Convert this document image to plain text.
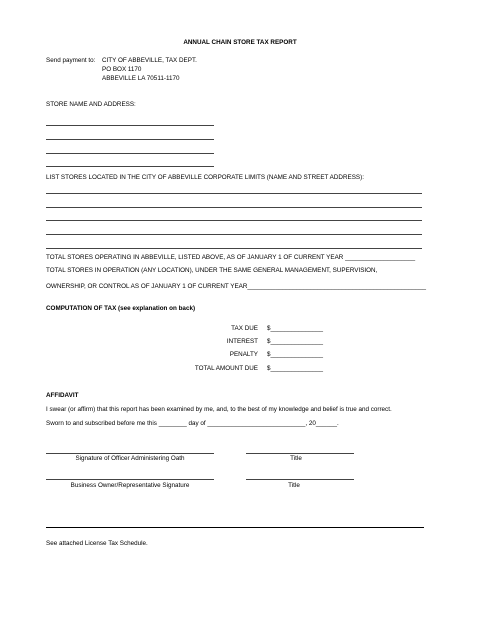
ANNUAL CHAIN STORE TAX REPORT
Send payment to: CITY OF ABBEVILLE, TAX DEPT.
PO BOX 1170
ABBEVILLE LA 70511-1170
STORE NAME AND ADDRESS:
LIST STORES LOCATED IN THE CITY OF ABBEVILLE CORPORATE LIMITS (NAME AND STREET ADDRESS):
TOTAL STORES OPERATING IN ABBEVILLE, LISTED ABOVE, AS OF JANUARY 1 OF CURRENT YEAR ____________________
TOTAL STORES IN OPERATION (ANY LOCATION), UNDER THE SAME GENERAL MANAGEMENT, SUPERVISION,
OWNERSHIP, OR CONTROL AS OF JANUARY 1 OF CURRENT YEAR___________________________________________________
COMPUTATION OF TAX (see explanation on back)
TAX DUE $_______________
INTEREST $_______________
PENALTY $_______________
TOTAL AMOUNT DUE $_______________
AFFIDAVIT
I swear (or affirm) that this report has been examined by me, and, to the best of my knowledge and belief is true and correct.
Sworn to and subscribed before me this ________ day of ____________________________, 20______.
Signature of Officer Administering Oath	Title
Business Owner/Representative Signature	Title
See attached License Tax Schedule.
